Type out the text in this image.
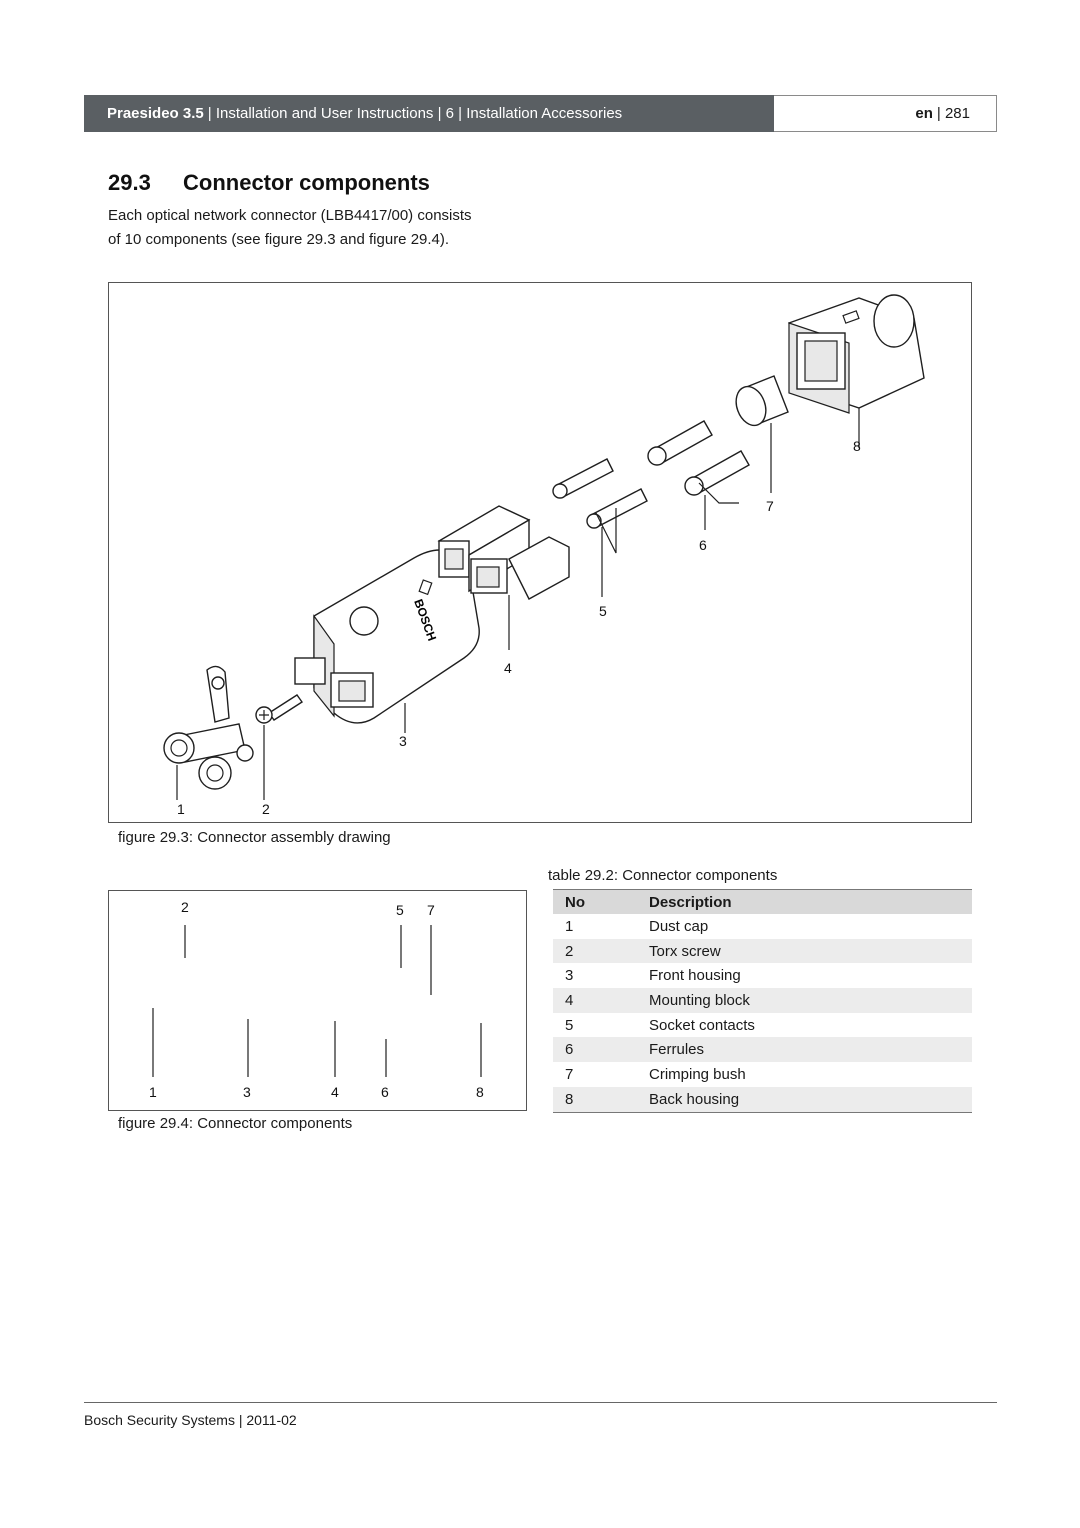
Praesideo 3.5 | Installation and User Instructions | 6 | Installation Accessories	en | 281
29.3 Connector components
Each optical network connector (LBB4417/00) consists
of 10 components (see figure 29.3 and figure 29.4).
BOSCH
1	2
3
4
5
6
7
8
figure 29.3: Connector assembly drawing
2	5 7
1	3	4	6	8
figure 29.4: Connector components
table 29.2: Connector components
No	Description
1	Dust cap
2	Torx screw
3	Front housing
4	Mounting block
5	Socket contacts
6	Ferrules
7	Crimping bush
8	Back housing
Bosch Security Systems | 2011-02
